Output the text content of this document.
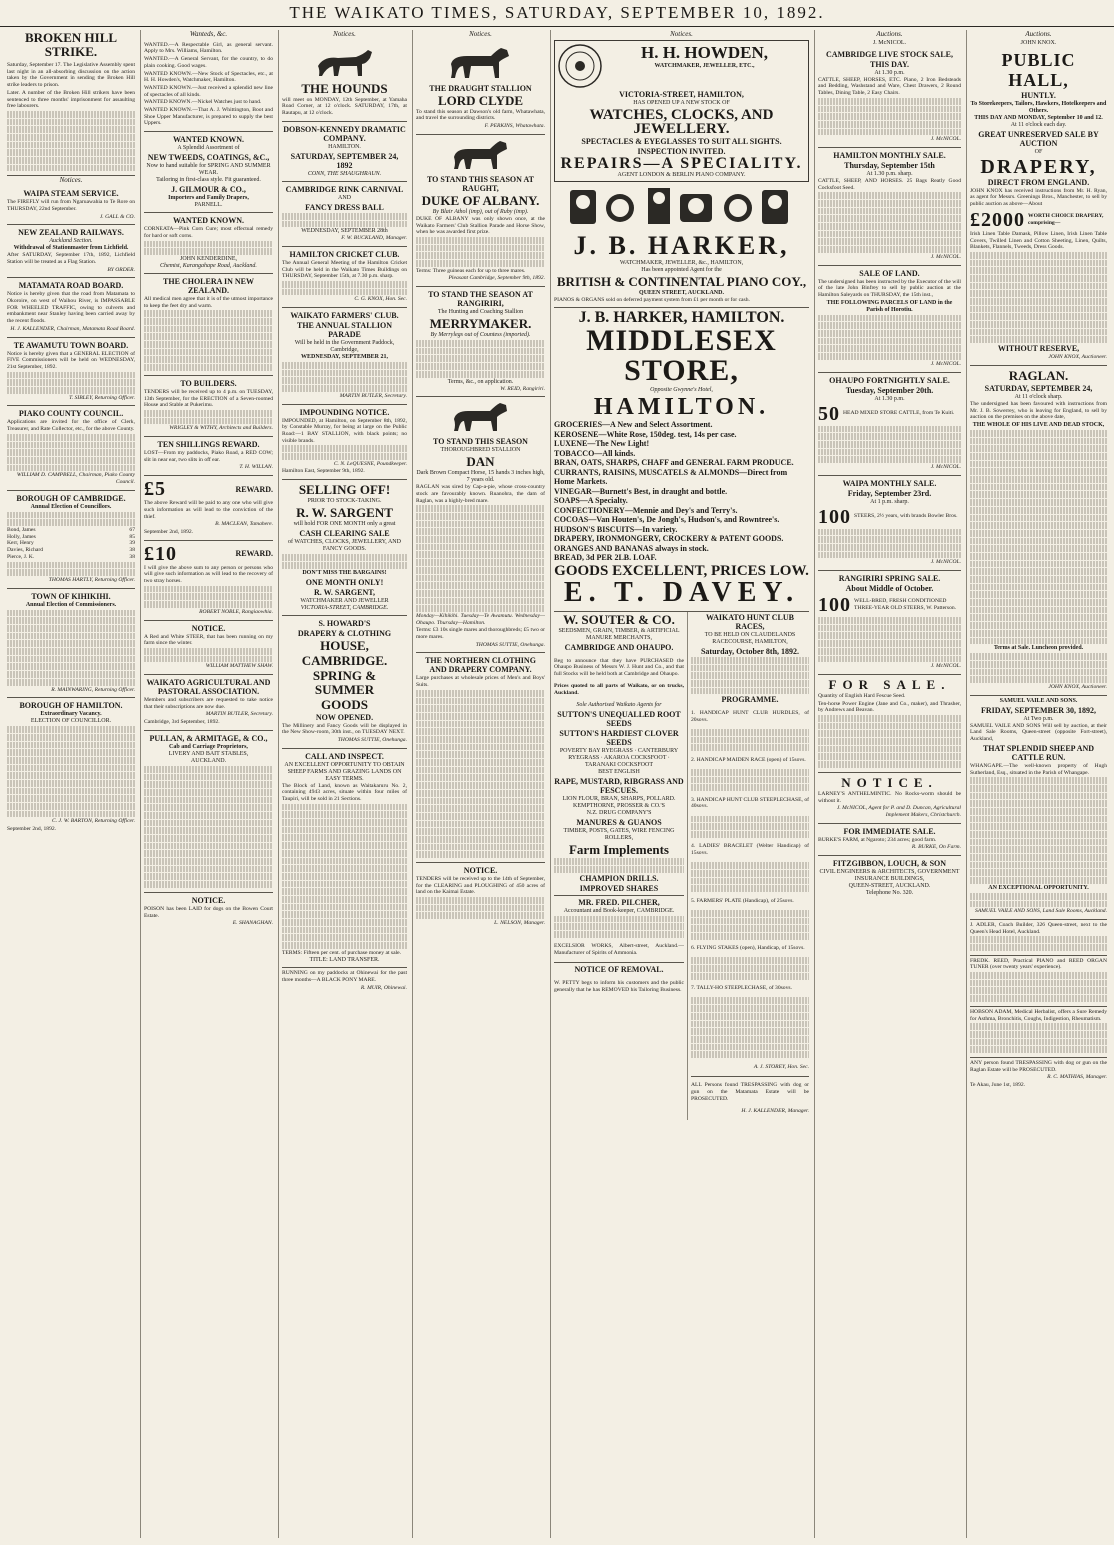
THE WAIKATO TIMES, SATURDAY, SEPTEMBER 10, 1892.
BROKEN HILL STRIKE.

Saturday, September 17. The Legislative Assembly spent last night in an all-absorbing discussion on the action taken by the Government in sending the Broken Hill strike leaders to prison.

Later. A number of the Broken Hill strikers have been sentenced to three months' imprisonment for assaulting free labourers.

Notices.
WAIPA STEAM SERVICE.

The FIREFLY will run from Ngaruawahia to Te Rore on THURSDAY, 22nd September.

J. GALL & CO.

NEW ZEALAND RAILWAYS.
Auckland Section.
Withdrawal of Stationmaster from Lichfield.

After SATURDAY, September 17th, 1892, Lichfield Station will be treated as a Flag Station.

BY ORDER.

MATAMATA ROAD BOARD.

Notice is hereby given that the road from Matamata to Okoroire, on west of Waihou River, is IMPASSABLE FOR WHEELED TRAFFIC, owing to culverts and embankment near Stanley having been carried away by the recent floods.

H. J. KALLENDER, Chairman, Matamata Road Board.

TE AWAMUTU TOWN BOARD.

Notice is hereby given that a GENERAL ELECTION of FIVE Commissioners will be held on WEDNESDAY, 21st September, 1892.

T. SIBLEY, Returning Officer.

PIAKO COUNTY COUNCIL.

Applications are invited for the office of Clerk, Treasurer, and Rate Collector, etc., for the above County.

WILLIAM D. CAMPBELL, Chairman, Piako County Council.

BOROUGH OF CAMBRIDGE.
Annual Election of Councillors.
Bond, James	67
Holly, James	85
Kerr, Henry	39
Davies, Richard	38
Pierce, J. K.	38

THOMAS HARTLY, Returning Officer.

TOWN OF KIHIKIHI.
Annual Election of Commissioners.

R. MAINWARING, Returning Officer.

BOROUGH OF HAMILTON.
Extraordinary Vacancy.
ELECTION OF COUNCILLOR.

C. J. W. BARTON, Returning Officer.

September 2nd, 1892.

Wanteds, &c.

WANTED.—A Respectable Girl, as general servant. Apply to Mrs. Williams, Hamilton.

WANTED.—A General Servant, for the country, to do plain cooking. Good wages.

WANTED KNOWN.—New Stock of Spectacles, etc., at H. H. Howden's, Watchmaker, Hamilton.

WANTED KNOWN.—Just received a splendid new line of spectacles of all kinds.

WANTED KNOWN.—Nickel Watches just to hand.

WANTED KNOWN.—That A. J. Whittington, Boot and Shoe Upper Manufacturer, is prepared to supply the best Uppers.

WANTED KNOWN.
A Splendid Assortment of
NEW TWEEDS, COATINGS, &C.,
Now to hand suitable for SPRING AND SUMMER WEAR.
Tailoring in first-class style. Fit guaranteed.
J. GILMOUR & CO.,
Importers and Family Drapers,
PARNELL.
WANTED KNOWN.

CORNEATA—Pink Corn Cure; most effectual remedy for hard or soft corns.

JOHN KENDERDINE,
Chemist, Karangahape Road, Auckland.
THE CHOLERA IN NEW ZEALAND.

All medical men agree that it is of the utmost importance to keep the feet dry and warm.

TO BUILDERS.

TENDERS will be received up to 4 p.m. on TUESDAY, 13th September, for the ERECTION of a Seven-roomed House and Stable at Pukerimu.

WRIGLEY & WITHY, Architects and Builders.

TEN SHILLINGS REWARD.

LOST—From my paddocks, Piako Road, a RED COW; slit in near ear, two slits in off ear.

T. H. WILLAN.

£5	REWARD.

The above Reward will be paid to any one who will give such information as will lead to the conviction of the thief.

B. MACLEAN, Tamahere.

September 2nd, 1892.

£10	REWARD.

I will give the above sum to any person or persons who will give such information as will lead to the recovery of two stray horses.

ROBERT NOBLE, Rangiaowhia.

NOTICE.

A Red and White STEER, that has been running on my farm since the winter.

WILLIAM MATTHEW SHAW.

WAIKATO AGRICULTURAL AND PASTORAL ASSOCIATION.

Members and subscribers are requested to take notice that their subscriptions are now due.

MARTIN BUTLER, Secretary.

Cambridge, 3rd September, 1892.

PULLAN, & ARMITAGE, & CO.,
Cab and Carriage Proprietors,
LIVERY AND BAIT STABLES,
AUCKLAND.
NOTICE.

POISON has been LAID for dogs on the Bowen Court Estate.

E. SHANAGHAN.

Notices.
THE HOUNDS

will meet on MONDAY, 12th September, at Yamaha Road Corner, at 12 o'clock. SATURDAY, 17th, at Rautapu, at 12 o'clock.

DOBSON-KENNEDY DRAMATIC COMPANY.
HAMILTON.
SATURDAY, SEPTEMBER 24, 1892
CONN, THE SHAUGHRAUN.
CAMBRIDGE RINK CARNIVAL
AND
FANCY DRESS BALL
WEDNESDAY, SEPTEMBER 28th

F. W. BUCKLAND, Manager.

HAMILTON CRICKET CLUB.

The Annual General Meeting of the Hamilton Cricket Club will be held in the Waikato Times Buildings on THURSDAY, September 15th, at 7.30 p.m. sharp.

C. G. KNOX, Hon. Sec.

WAIKATO FARMERS' CLUB.
THE ANNUAL STALLION PARADE
Will be held in the Government Paddock, Cambridge,
WEDNESDAY, SEPTEMBER 21,

MARTIN BUTLER, Secretary.

IMPOUNDING NOTICE.

IMPOUNDED, at Hamilton, on September 8th, 1892, by Constable Murray, for being at large on the Public Road:—1 BAY STALLION, with black points; no visible brands.

C. N. LeQUESNE, Poundkeeper.

Hamilton East, September 9th, 1892.

SELLING OFF!
PRIOR TO STOCK-TAKING.
R. W. SARGENT
will hold FOR ONE MONTH only a great
CASH CLEARING SALE
of WATCHES, CLOCKS, JEWELLERY, AND FANCY GOODS.
DON'T MISS THE BARGAINS!
ONE MONTH ONLY!
R. W. SARGENT,
WATCHMAKER AND JEWELLER
VICTORIA-STREET, CAMBRIDGE.
S. HOWARD'S
DRAPERY & CLOTHING
HOUSE,
CAMBRIDGE.
SPRING & SUMMER
GOODS
NOW OPENED.

The Millinery and Fancy Goods will be displayed in the New Show-room, 30th inst., on TUESDAY NEXT.

THOMAS SUTTIE, Onehunga.

CALL AND INSPECT.
AN EXCELLENT OPPORTUNITY TO OBTAIN SHEEP FARMS AND GRAZING LANDS ON EASY TERMS.

The Block of Land, known as Waitakaruru No. 2, containing 4943 acres, situate within four miles of Taupiri, will be sold in 21 Sections.

TERMS: Fifteen per cent. of purchase money at sale.

TITLE: LAND TRANSFER.

RUNNING on my paddocks at Ohinewai for the past three months—A BLACK PONY MARE.

R. MUIR, Ohinewai.

Notices.
THE DRAUGHT STALLION
LORD CLYDE

To stand this season at Dawson's old farm, Whatawhata, and travel the surrounding districts.

F. PERKINS, Whatawhata.

TO STAND THIS SEASON AT RAUGHT,
DUKE OF ALBANY.
By Blair Athol (imp), out of Ruby (imp).

DUKE OF ALBANY was only shown once, at the Waikato Farmers' Club Stallion Parade and Horse Show, when he was awarded first prize.

Terms: Three guineas each for up to three mares.

Pleasant Cambridge, September 9th, 1892.

TO STAND THE SEASON AT RANGIRIRI,
The Hunting and Coaching Stallion
MERRYMAKER.
By Merrylegs out of Countess (imported).
Terms, &c., on application.

W. REID, Rangiriri.

TO STAND THIS SEASON
THOROUGHBRED STALLION
DAN
Dark Brown Compact Horse, 15 hands 3 inches high, 7 years old.

RAGLAN was sired by Cap-a-pie, whose cross-country stock are favourably known. Ruanohra, the dam of Raglan, was a highly-bred mare.

Monday—Kihikihi. Tuesday—Te Awamutu. Wednesday—Ohaupo. Thursday—Hamilton.

Terms: £3 10s single mares and thoroughbreds; £5 two or more mares.

THOMAS SUTTIE, Onehunga.

THE NORTHERN CLOTHING AND DRAPERY COMPANY.

Large purchases at wholesale prices of Men's and Boys' Suits.

NOTICE.

TENDERS will be received up to the 14th of September, for the CLEARING and PLOUGHING of 450 acres of land on the Kaimai Estate.

L. NELSON, Manager.

Notices.
H. H. HOWDEN,
WATCHMAKER, JEWELLER, ETC.,
VICTORIA-STREET, HAMILTON,
HAS OPENED UP A NEW STOCK OF
WATCHES, CLOCKS, AND JEWELLERY.
SPECTACLES & EYEGLASSES TO SUIT ALL SIGHTS.
INSPECTION INVITED.
REPAIRS—A SPECIALITY.
AGENT LONDON & BERLIN PIANO COMPANY.
J. B. HARKER,
WATCHMAKER, JEWELLER, &c., HAMILTON,
Has been appointed Agent for the
BRITISH & CONTINENTAL PIANO COY.,
QUEEN STREET, AUCKLAND.

PIANOS & ORGANS sold on deferred payment system from £1 per month or for cash.

J. B. HARKER, HAMILTON.
MIDDLESEX STORE,
Opposite Gwynne's Hotel,
HAMILTON.
GROCERIES—A New and Select Assortment.
KEROSENE—White Rose, 150deg. test, 14s per case.
LUXENE—The New Light!
TOBACCO—All kinds.
BRAN, OATS, SHARPS, CHAFF and GENERAL FARM PRODUCE.
CURRANTS, RAISINS, MUSCATELS & ALMONDS—Direct from Home Markets.
VINEGAR—Burnett's Best, in draught and bottle.
SOAPS—A Specialty.
CONFECTIONERY—Mennie and Dey's and Terry's.
COCOAS—Van Houten's, De Jongh's, Hudson's, and Rowntree's.
HUDSON'S BISCUITS—In variety.
DRAPERY, IRONMONGERY, CROCKERY & PATENT GOODS.
ORANGES AND BANANAS always in stock.
BREAD, 3d PER 2LB. LOAF.
GOODS EXCELLENT, PRICES LOW.
E. T. DAVEY.
W. SOUTER & CO.
SEEDSMEN, GRAIN, TIMBER, & ARTIFICIAL MANURE MERCHANTS,
CAMBRIDGE AND OHAUPO.

Beg to announce that they have PURCHASED the Ohaupo Business of Messrs W. J. Hunt and Co., and that full Stocks will be held both at Cambridge and Ohaupo.

Prices quoted to all parts of Waikato, or on trucks, Auckland.

Sole Authorised Waikato Agents for
SUTTON'S UNEQUALLED ROOT SEEDS
SUTTON'S HARDIEST CLOVER SEEDS
POVERTY BAY RYEGRASS · CANTERBURY RYEGRASS · AKAROA COCKSFOOT · TARANAKI COCKSFOOT
BEST ENGLISH
RAPE, MUSTARD, RIBGRASS AND FESCUES.
LION FLOUR, BRAN, SHARPS, POLLARD.
KEMPTHORNE, PROSSER & CO.'S
N.Z. DRUG COMPANY'S
MANURES & GUANOS
TIMBER, POSTS, GATES, WIRE FENCING ROLLERS,
Farm Implements
CHAMPION DRILLS.
IMPROVED SHARES
MR. FRED. PILCHER,
Accountant and Book-keeper, CAMBRIDGE.

EXCELSIOR WORKS, Albert-street, Auckland.—Manufacturer of Spirits of Ammonia.

NOTICE OF REMOVAL.

W. PETTY begs to inform his customers and the public generally that he has REMOVED his Tailoring Business.

WAIKATO HUNT CLUB RACES,
TO BE HELD ON CLAUDELANDS RACECOURSE, HAMILTON,
Saturday, October 8th, 1892.
PROGRAMME.

1. HANDICAP HUNT CLUB HURDLES, of 20sovs.

2. HANDICAP MAIDEN RACE (open) of 15sovs.

3. HANDICAP HUNT CLUB STEEPLECHASE, of 40sovs.

4. LADIES' BRACELET (Welter Handicap) of 15sovs.

5. FARMERS' PLATE (Handicap), of 25sovs.

6. FLYING STAKES (open), Handicap, of 15sovs.

7. TALLY-HO STEEPLECHASE, of 30sovs.

A. J. STOREY, Hon. Sec.

ALL Persons found TRESPASSING with dog or gun on the Matamata Estate will be PROSECUTED.

H. J. KALLENDER, Manager.

Auctions.
J. McNICOL.
CAMBRIDGE LIVE STOCK SALE,
THIS DAY.
At 1.30 p.m.

CATTLE, SHEEP, HORSES, ETC. Piano, 2 Iron Bedsteads and Bedding, Washstand and Ware, Chest Drawers, 2 Round Tables, Dining Table, 2 Easy Chairs.

J. McNICOL.

HAMILTON MONTHLY SALE.
Thursday, September 15th
At 1.30 p.m. sharp.

CATTLE, SHEEP, AND HORSES. 25 Bags Reatly Good Cocksfoot Seed.

J. McNICOL.

SALE OF LAND.

The undersigned has been instructed by the Executor of the will of the late John Binfrey to sell by public auction at the Hamilton Saleyards on THURSDAY, the 15th inst.,

THE FOLLOWING PARCELS OF LAND in the Parish of Horotiu.

J. McNICOL.

OHAUPO FORTNIGHTLY SALE.
Tuesday, September 20th.
At 1.30 p.m.
50 HEAD MIXED STORE CATTLE, from Te Kuiti.

J. McNICOL.

WAIPA MONTHLY SALE.
Friday, September 23rd.
At 1 p.m. sharp.
100 STEERS, 2½ years, with brands Bowler Bros.

J. McNICOL.

RANGIRIRI SPRING SALE.
About Middle of October.
100 WELL-BRED, FRESH CONDITIONED THREE-YEAR OLD STEERS, W. Patterson.

J. McNICOL.

FOR SALE.

Quantity of English Hard Fescue Seed.

Ten-horse Power Engine (Jane and Co., maker), and Thrasher, by Andrews and Beavan.

NOTICE.

LARNEY'S ANTHELMINTIC. No Rocks-worm should be without it.

J. McNICOL, Agent for P. and D. Duncan, Agricultural Implement Makers, Christchurch.

FOR IMMEDIATE SALE.

BURKE'S FARM, at Ngaroto; 234 acres; good farm.

R. BURKE, On Farm.

FITZGIBBON, LOUCH, & SON
CIVIL ENGINEERS & ARCHITECTS, GOVERNMENT INSURANCE BUILDINGS,
QUEEN-STREET, AUCKLAND.
Telephone No. 320.
Auctions.
JOHN KNOX.
PUBLIC HALL,
HUNTLY.
To Storekeepers, Tailors, Hawkers, Hotelkeepers and Others.
THIS DAY AND MONDAY, September 10 and 12.
At 11 o'clock each day.
GREAT UNRESERVED SALE BY AUCTION
OF
DRAPERY,
DIRECT FROM ENGLAND.

JOHN KNOX has received instructions from Mr. H. Ryan, as agent for Messrs. Greenings Bros., Manchester, to sell by public auction as above—About

£2000 WORTH CHOICE DRAPERY, comprising—

Irish Linen Table Damask, Pillow Linen, Irish Linen Table Covers, Twilled Linen and Cotton Sheeting, Linen, Quilts, Blankets, Flannels, Tweeds, Dress Goods.

WITHOUT RESERVE,

JOHN KNOX, Auctioneer.

RAGLAN.
SATURDAY, SEPTEMBER 24,
At 11 o'clock sharp.

The undersigned has been favoured with instructions from Mr. J. B. Sowerrey, who is leaving for England, to sell by auction on the premises on the above date,

THE WHOLE OF HIS LIVE AND DEAD STOCK,
Terms at Sale. Luncheon provided.

JOHN KNOX, Auctioneer.

SAMUEL VAILE AND SONS.
FRIDAY, SEPTEMBER 30, 1892,
At Two p.m.

SAMUEL VAILE AND SONS Will sell by auction, at their Land Sale Rooms, Queen-street (opposite Fort-street), Auckland,

THAT SPLENDID SHEEP AND CATTLE RUN.

WHANGAPE.—The well-known property of Hugh Sutherland, Esq., situated in the Parish of Whangape.

AN EXCEPTIONAL OPPORTUNITY.

SAMUEL VAILE AND SONS, Land Sale Rooms, Auckland.

J. ADLER, Coach Builder, 326 Queen-street, next to the Queen's Head Hotel, Auckland.

FREDK. REED, Practical PIANO and REED ORGAN TUNER (over twenty years' experience).

HOBSON ADAM, Medical Herbalist, offers a Sure Remedy for Asthma, Bronchitis, Coughs, Indigestion, Rheumatism.

ANY person found TRESPASSING with dog or gun on the Raglan Estate will be PROSECUTED.

R. C. MATHIAS, Manager.

Te Akau, June 1st, 1892.
